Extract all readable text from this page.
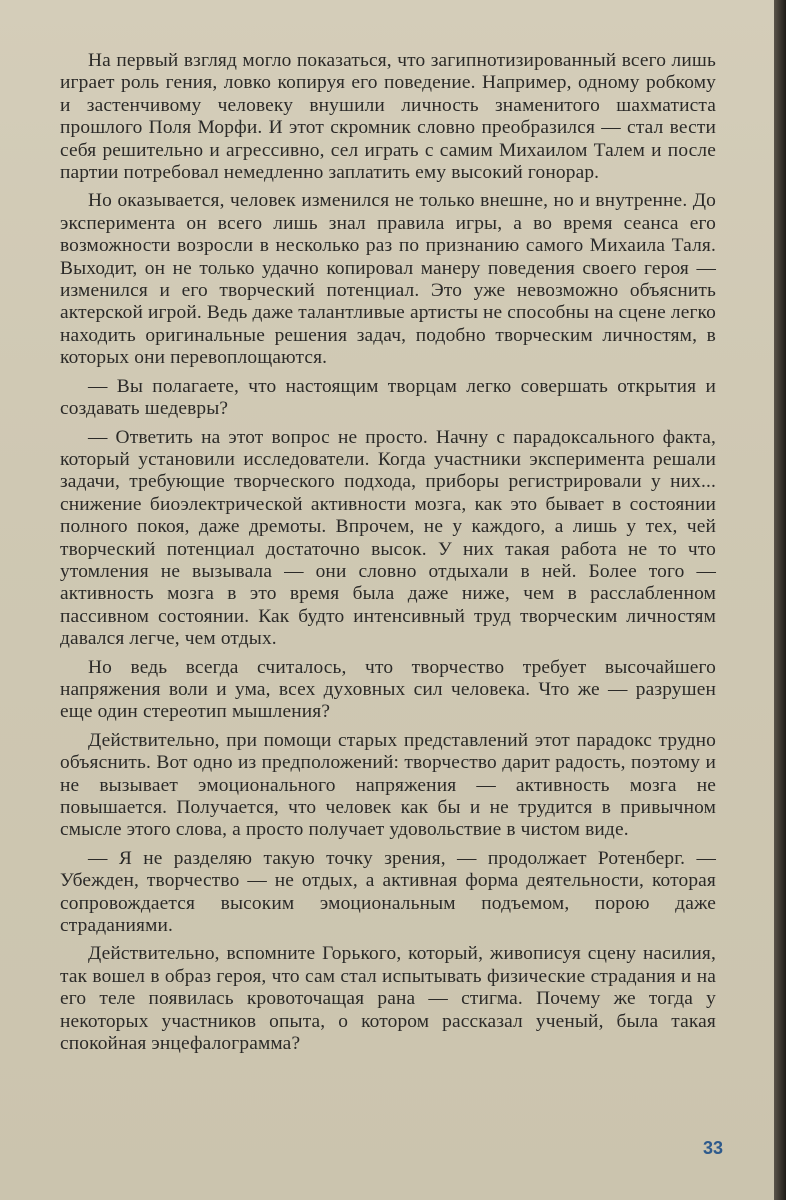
На первый взгляд могло показаться, что загипнотизированный всего лишь играет роль гения, ловко копируя его поведение. Например, одному робкому и застенчивому человеку внушили личность знаменитого шахматиста прошлого Поля Морфи. И этот скромник словно преобразился — стал вести себя решительно и агрессивно, сел играть с самим Михаилом Талем и после партии потребовал немедленно заплатить ему высокий гонорар.

Но оказывается, человек изменился не только внешне, но и внутренне. До эксперимента он всего лишь знал правила игры, а во время сеанса его возможности возросли в несколько раз по признанию самого Михаила Таля. Выходит, он не только удачно копировал манеру поведения своего героя — изменился и его творческий потенциал. Это уже невозможно объяснить актерской игрой. Ведь даже талантливые артисты не способны на сцене легко находить оригинальные решения задач, подобно творческим личностям, в которых они перевоплощаются.

— Вы полагаете, что настоящим творцам легко совершать открытия и создавать шедевры?

— Ответить на этот вопрос не просто. Начну с парадоксального факта, который установили исследователи. Когда участники эксперимента решали задачи, требующие творческого подхода, приборы регистрировали у них... снижение биоэлектрической активности мозга, как это бывает в состоянии полного покоя, даже дремоты. Впрочем, не у каждого, а лишь у тех, чей творческий потенциал достаточно высок. У них такая работа не то что утомления не вызывала — они словно отдыхали в ней. Более того — активность мозга в это время была даже ниже, чем в расслабленном пассивном состоянии. Как будто интенсивный труд творческим личностям давался легче, чем отдых.

Но ведь всегда считалось, что творчество требует высочайшего напряжения воли и ума, всех духовных сил человека. Что же — разрушен еще один стереотип мышления?

Действительно, при помощи старых представлений этот парадокс трудно объяснить. Вот одно из предположений: творчество дарит радость, поэтому и не вызывает эмоционального напряжения — активность мозга не повышается. Получается, что человек как бы и не трудится в привычном смысле этого слова, а просто получает удовольствие в чистом виде.

— Я не разделяю такую точку зрения, — продолжает Ротенберг. — Убежден, творчество — не отдых, а активная форма деятельности, которая сопровождается высоким эмоциональным подъемом, порою даже страданиями.

Действительно, вспомните Горького, который, живописуя сцену насилия, так вошел в образ героя, что сам стал испытывать физические страдания и на его теле появилась кровоточащая рана — стигма. Почему же тогда у некоторых участников опыта, о котором рассказал ученый, была такая спокойная энцефалограмма?

33
